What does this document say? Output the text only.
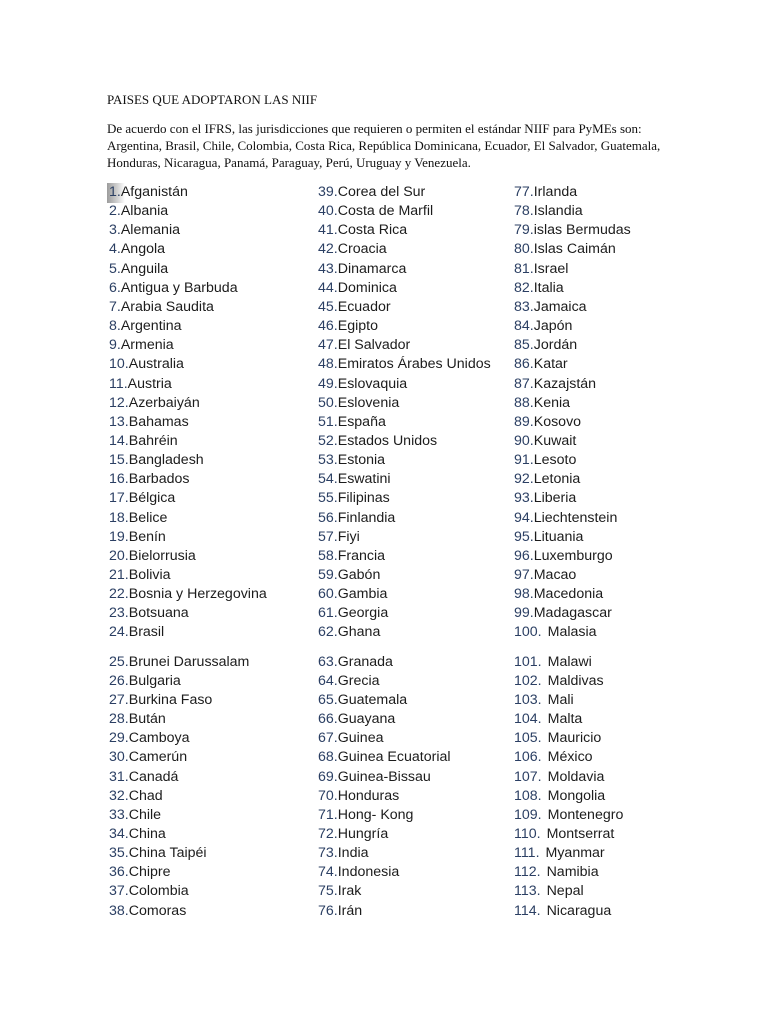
PAISES QUE ADOPTARON LAS NIIF

De acuerdo con el IFRS, las jurisdicciones que requieren o permiten el estándar NIIF para PyMEs son: Argentina, Brasil, Chile, Colombia, Costa Rica, República Dominicana, Ecuador, El Salvador, Guatemala, Honduras, Nicaragua, Panamá, Paraguay, Perú, Uruguay y Venezuela.

1.Afganistán
2.Albania
3.Alemania
4.Angola
5.Anguila
6.Antigua y Barbuda
7.Arabia Saudita
8.Argentina
9.Armenia
10.Australia
11.Austria
12.Azerbaiyán
13.Bahamas
14.Bahréin
15.Bangladesh
16.Barbados
17.Bélgica
18.Belice
19.Benín
20.Bielorrusia
21.Bolivia
22.Bosnia y Herzegovina
23.Botsuana
24.Brasil
25.Brunei Darussalam
26.Bulgaria
27.Burkina Faso
28.Bután
29.Camboya
30.Camerún
31.Canadá
32.Chad
33.Chile
34.China
35.China Taipéi
36.Chipre
37.Colombia
38.Comoras
39.Corea del Sur
40.Costa de Marfil
41.Costa Rica
42.Croacia
43.Dinamarca
44.Dominica
45.Ecuador
46.Egipto
47.El Salvador
48.Emiratos Árabes Unidos
49.Eslovaquia
50.Eslovenia
51.España
52.Estados Unidos
53.Estonia
54.Eswatini
55.Filipinas
56.Finlandia
57.Fiyi
58.Francia
59.Gabón
60.Gambia
61.Georgia
62.Ghana
63.Granada
64.Grecia
65.Guatemala
66.Guayana
67.Guinea
68.Guinea Ecuatorial
69.Guinea-Bissau
70.Honduras
71.Hong- Kong
72.Hungría
73.India
74.Indonesia
75.Irak
76.Irán
77.Irlanda
78.Islandia
79.islas Bermudas
80.Islas Caimán
81.Israel
82.Italia
83.Jamaica
84.Japón
85.Jordán
86.Katar
87.Kazajstán
88.Kenia
89.Kosovo
90.Kuwait
91.Lesoto
92.Letonia
93.Liberia
94.Liechtenstein
95.Lituania
96.Luxemburgo
97.Macao
98.Macedonia
99.Madagascar
100. Malasia
101. Malawi
102. Maldivas
103. Mali
104. Malta
105. Mauricio
106. México
107. Moldavia
108. Mongolia
109. Montenegro
110. Montserrat
111. Myanmar
112. Namibia
113. Nepal
114. Nicaragua
